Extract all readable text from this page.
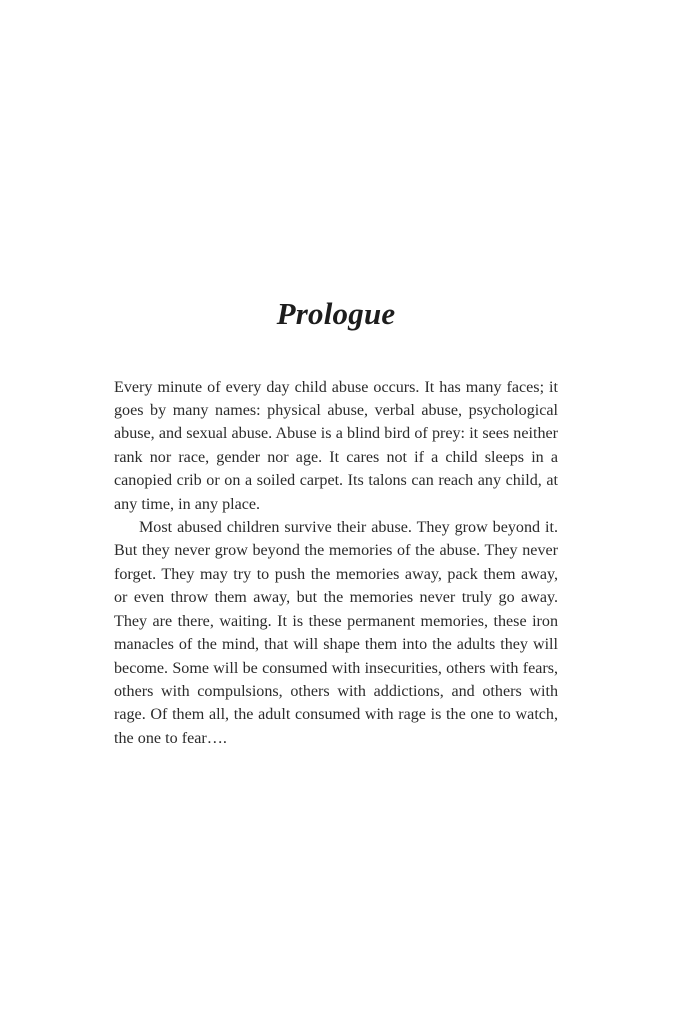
Prologue

Every minute of every day child abuse occurs. It has many faces; it goes by many names: physical abuse, verbal abuse, psychological abuse, and sexual abuse. Abuse is a blind bird of prey: it sees neither rank nor race, gender nor age. It cares not if a child sleeps in a canopied crib or on a soiled carpet. Its talons can reach any child, at any time, in any place.

Most abused children survive their abuse. They grow beyond it. But they never grow beyond the memories of the abuse. They never forget. They may try to push the memories away, pack them away, or even throw them away, but the memories never truly go away. They are there, waiting. It is these permanent memories, these iron manacles of the mind, that will shape them into the adults they will become. Some will be consumed with insecurities, others with fears, others with compulsions, others with addictions, and others with rage. Of them all, the adult consumed with rage is the one to watch, the one to fear….
